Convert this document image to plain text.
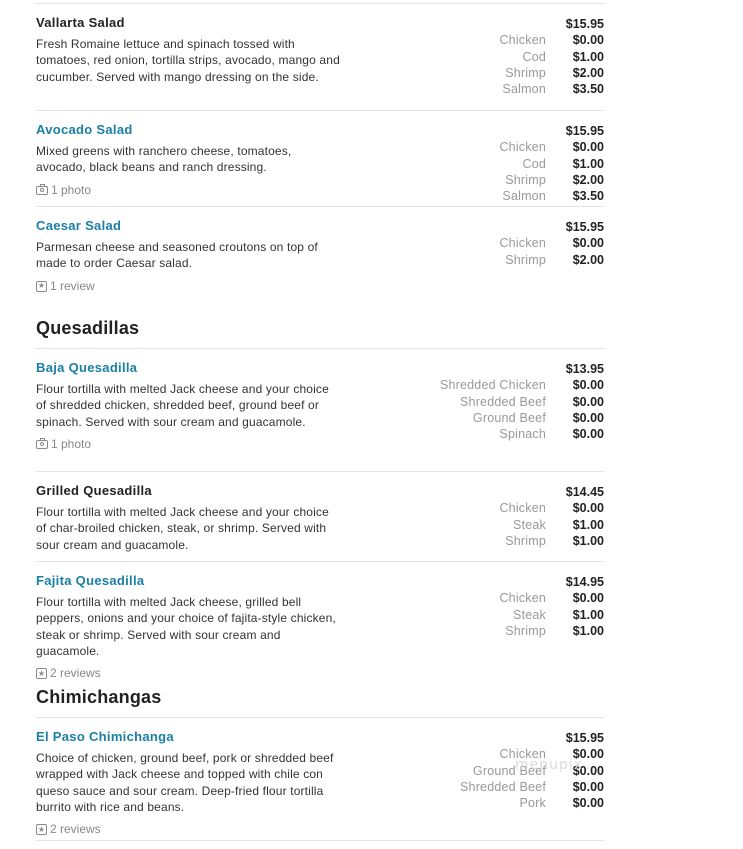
Vallarta Salad
Fresh Romaine lettuce and spinach tossed with tomatoes, red onion, tortilla strips, avocado, mango and cucumber. Served with mango dressing on the side.
$15.95
Chicken	$0.00
Cod	$1.00
Shrimp	$2.00
Salmon	$3.50
Avocado Salad
Mixed greens with ranchero cheese, tomatoes, avocado, black beans and ranch dressing.
1 photo
$15.95
Chicken	$0.00
Cod	$1.00
Shrimp	$2.00
Salmon	$3.50
Caesar Salad
Parmesan cheese and seasoned croutons on top of made to order Caesar salad.
★ 1 review
$15.95
Chicken	$0.00
Shrimp	$2.00
Quesadillas
Baja Quesadilla
Flour tortilla with melted Jack cheese and your choice of shredded chicken, shredded beef, ground beef or spinach. Served with sour cream and guacamole.
1 photo
$13.95
Shredded Chicken	$0.00
Shredded Beef	$0.00
Ground Beef	$0.00
Spinach	$0.00
Grilled Quesadilla
Flour tortilla with melted Jack cheese and your choice of char-broiled chicken, steak, or shrimp. Served with sour cream and guacamole.
$14.45
Chicken	$0.00
Steak	$1.00
Shrimp	$1.00
Fajita Quesadilla
Flour tortilla with melted Jack cheese, grilled bell peppers, onions and your choice of fajita-style chicken, steak or shrimp. Served with sour cream and guacamole.
★ 2 reviews
$14.95
Chicken	$0.00
Steak	$1.00
Shrimp	$1.00
Chimichangas
El Paso Chimichanga
Choice of chicken, ground beef, pork or shredded beef wrapped with Jack cheese and topped with chile con queso sauce and sour cream. Deep-fried flour tortilla burrito with rice and beans.
★ 2 reviews
$15.95
Chicken	$0.00
Ground Beef	$0.00
Shredded Beef	$0.00
Pork	$0.00
menupix
